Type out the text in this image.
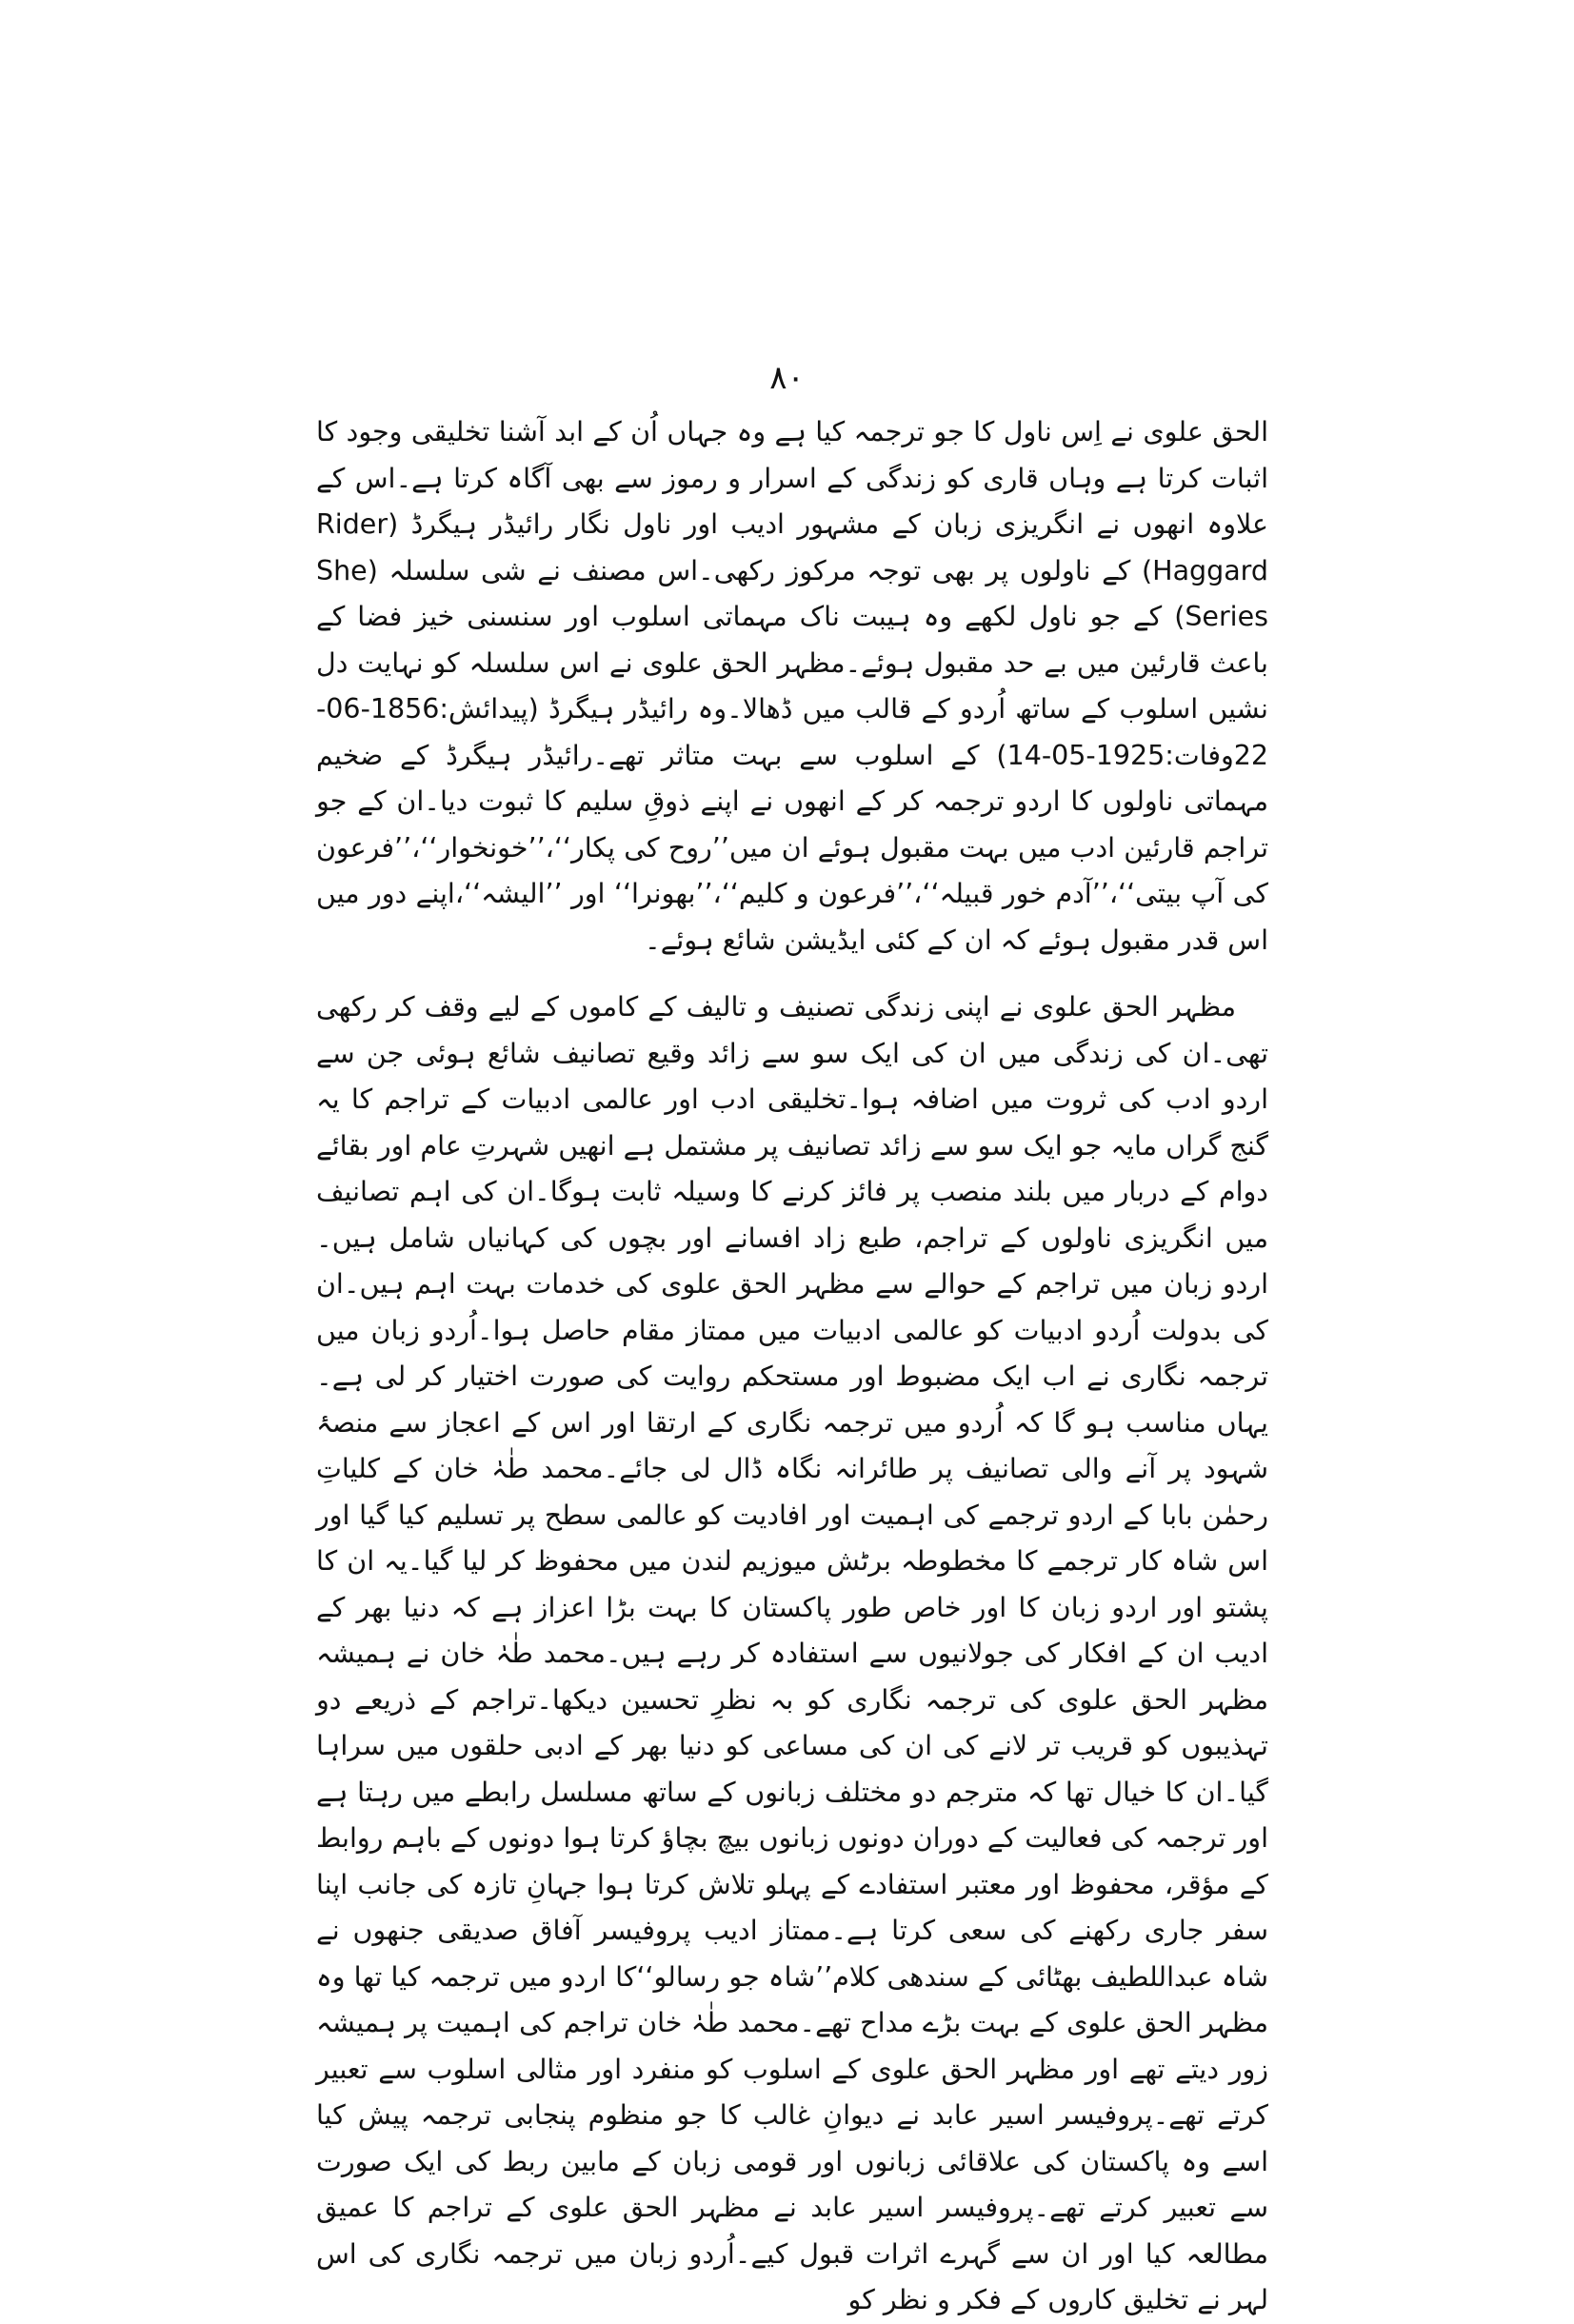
۸۰

الحق علوی نے اِس ناول کا جو ترجمہ کیا ہے وہ جہاں اُن کے ابد آشنا تخلیقی وجود کا اثبات کرتا ہے وہاں قاری کو زندگی کے اسرار و رموز سے بھی آگاہ کرتا ہے۔اس کے علاوہ انھوں نے انگریزی زبان کے مشہور ادیب اور ناول نگار رائیڈر ہیگرڈ (Rider Haggard) کے ناولوں پر بھی توجہ مرکوز رکھی۔اس مصنف نے شی سلسلہ (She Series) کے جو ناول لکھے وہ ہیبت ناک مہماتی اسلوب اور سنسنی خیز فضا کے باعث قارئین میں بے حد مقبول ہوئے۔مظہر الحق علوی نے اس سلسلہ کو نہایت دل نشیں اسلوب کے ساتھ اُردو کے قالب میں ڈھالا۔وہ رائیڈر ہیگرڈ (پیدائش:1856-06-22وفات:1925-05-14) کے اسلوب سے بہت متاثر تھے۔رائیڈر ہیگرڈ کے ضخیم مہماتی ناولوں کا اردو ترجمہ کر کے انھوں نے اپنے ذوقِ سلیم کا ثبوت دیا۔ان کے جو تراجم قارئین ادب میں بہت مقبول ہوئے ان میں’’روح کی پکار‘‘،’’خونخوار‘‘،’’فرعون کی آپ بیتی‘‘،’’آدم خور قبیلہ‘‘،’’فرعون و کلیم‘‘،’’بھونرا‘‘ اور ’’الیشہ‘‘،اپنے دور میں اس قدر مقبول ہوئے کہ ان کے کئی ایڈیشن شائع ہوئے۔

مظہر الحق علوی نے اپنی زندگی تصنیف و تالیف کے کاموں کے لیے وقف کر رکھی تھی۔ان کی زندگی میں ان کی ایک سو سے زائد وقیع تصانیف شائع ہوئی جن سے اردو ادب کی ثروت میں اضافہ ہوا۔تخلیقی ادب اور عالمی ادبیات کے تراجم کا یہ گنج گراں مایہ جو ایک سو سے زائد تصانیف پر مشتمل ہے انھیں شہرتِ عام اور بقائے دوام کے دربار میں بلند منصب پر فائز کرنے کا وسیلہ ثابت ہوگا۔ان کی اہم تصانیف میں انگریزی ناولوں کے تراجم، طبع زاد افسانے اور بچوں کی کہانیاں شامل ہیں۔اردو زبان میں تراجم کے حوالے سے مظہر الحق علوی کی خدمات بہت اہم ہیں۔ان کی بدولت اُردو ادبیات کو عالمی ادبیات میں ممتاز مقام حاصل ہوا۔اُردو زبان میں ترجمہ نگاری نے اب ایک مضبوط اور مستحکم روایت کی صورت اختیار کر لی ہے۔یہاں مناسب ہو گا کہ اُردو میں ترجمہ نگاری کے ارتقا اور اس کے اعجاز سے منصۂ شہود پر آنے والی تصانیف پر طائرانہ نگاہ ڈال لی جائے۔محمد طٰہٰ خان کے کلیاتِ رحمٰن بابا کے اردو ترجمے کی اہمیت اور افادیت کو عالمی سطح پر تسلیم کیا گیا اور اس شاہ کار ترجمے کا مخطوطہ برٹش میوزیم لندن میں محفوظ کر لیا گیا۔یہ ان کا پشتو اور اردو زبان کا اور خاص طور پاکستان کا بہت بڑا اعزاز ہے کہ دنیا بھر کے ادیب ان کے افکار کی جولانیوں سے استفادہ کر رہے ہیں۔محمد طٰہٰ خان نے ہمیشہ مظہر الحق علوی کی ترجمہ نگاری کو بہ نظرِ تحسین دیکھا۔تراجم کے ذریعے دو تہذیبوں کو قریب تر لانے کی ان کی مساعی کو دنیا بھر کے ادبی حلقوں میں سراہا گیا۔ان کا خیال تھا کہ مترجم دو مختلف زبانوں کے ساتھ مسلسل رابطے میں رہتا ہے اور ترجمہ کی فعالیت کے دوران دونوں زبانوں بیچ بچاؤ کرتا ہوا دونوں کے باہم روابط کے مؤقر، محفوظ اور معتبر استفادے کے پہلو تلاش کرتا ہوا جہانِ تازہ کی جانب اپنا سفر جاری رکھنے کی سعی کرتا ہے۔ممتاز ادیب پروفیسر آفاق صدیقی جنھوں نے شاہ عبداللطیف بھٹائی کے سندھی کلام’’شاہ جو رسالو‘‘کا اردو میں ترجمہ کیا تھا وہ مظہر الحق علوی کے بہت بڑے مداح تھے۔محمد طٰہٰ خان تراجم کی اہمیت پر ہمیشہ زور دیتے تھے اور مظہر الحق علوی کے اسلوب کو منفرد اور مثالی اسلوب سے تعبیر کرتے تھے۔پروفیسر اسیر عابد نے دیوانِ غالب کا جو منظوم پنجابی ترجمہ پیش کیا اسے وہ پاکستان کی علاقائی زبانوں اور قومی زبان کے مابین ربط کی ایک صورت سے تعبیر کرتے تھے۔پروفیسر اسیر عابد نے مظہر الحق علوی کے تراجم کا عمیق مطالعہ کیا اور ان سے گہرے اثرات قبول کیے۔اُردو زبان میں ترجمہ نگاری کی اس لہر نے تخلیق کاروں کے فکر و نظر کو
